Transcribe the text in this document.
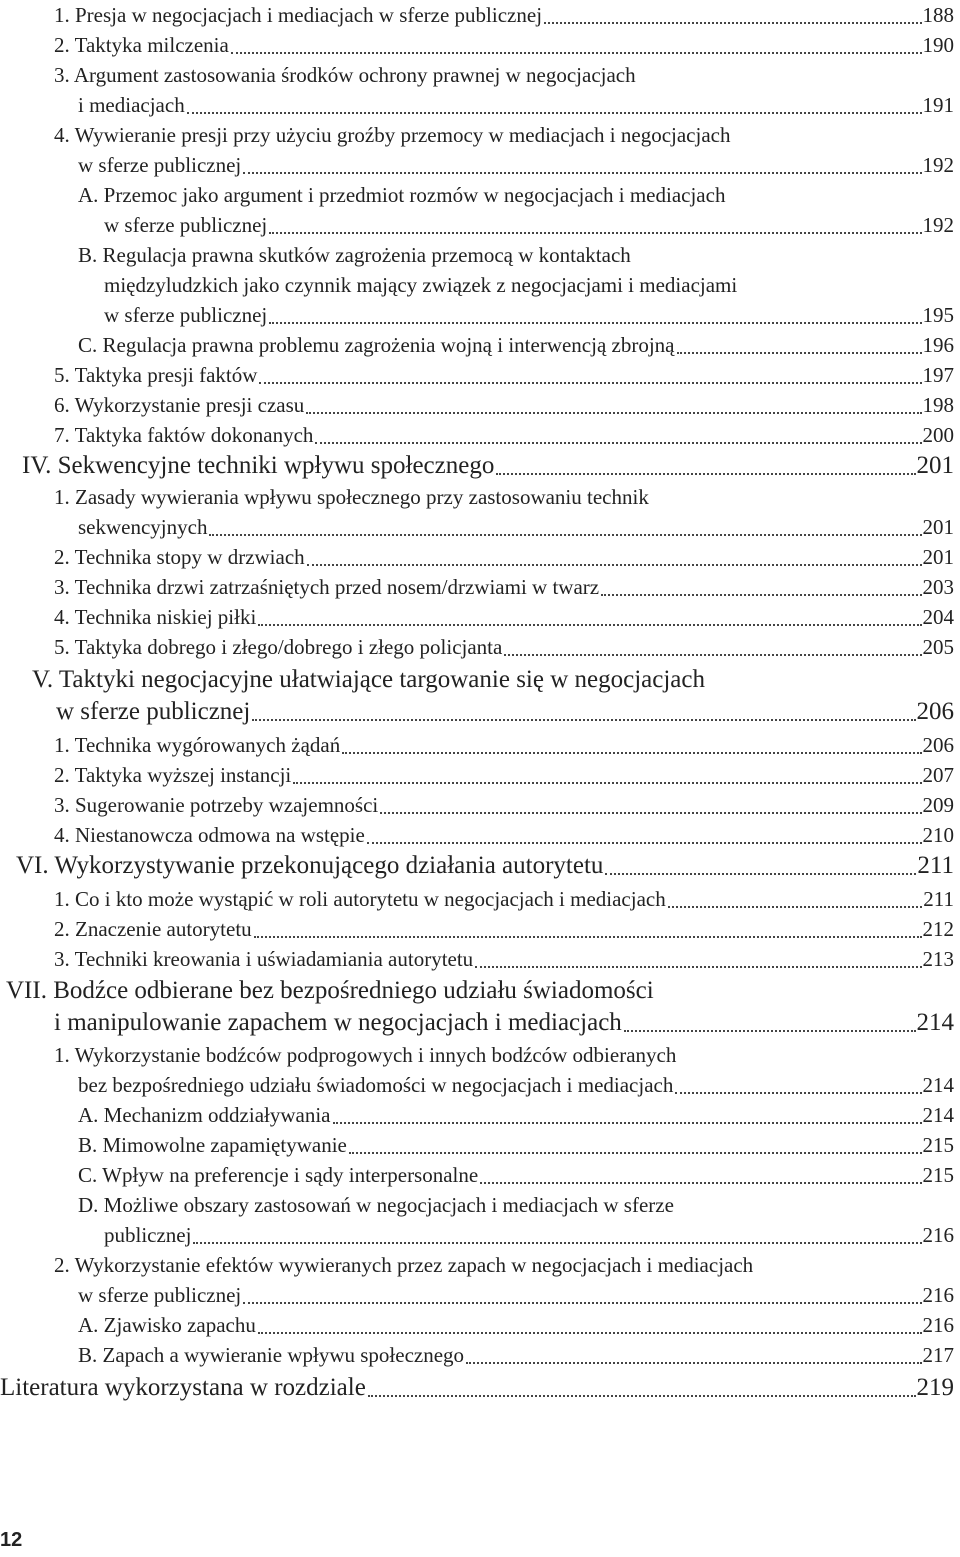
1. Presja w negocjacjach i mediacjach w sferze publicznej	188
2. Taktyka milczenia	190
3. Argument zastosowania środków ochrony prawnej w negocjacjach
i mediacjach	191
4. Wywieranie presji przy użyciu groźby przemocy w mediacjach i negocjacjach
w sferze publicznej	192
A. Przemoc jako argument i przedmiot rozmów w negocjacjach i mediacjach
w sferze publicznej	192
B. Regulacja prawna skutków zagrożenia przemocą w kontaktach
międzyludzkich jako czynnik mający związek z negocjacjami i mediacjami
w sferze publicznej	195
C. Regulacja prawna problemu zagrożenia wojną i interwencją zbrojną	196
5. Taktyka presji faktów	197
6. Wykorzystanie presji czasu	198
7. Taktyka faktów dokonanych	200
IV. Sekwencyjne techniki wpływu społecznego	201
1. Zasady wywierania wpływu społecznego przy zastosowaniu technik
sekwencyjnych	201
2. Technika stopy w drzwiach	201
3. Technika drzwi zatrzaśniętych przed nosem/drzwiami w twarz	203
4. Technika niskiej piłki	204
5. Taktyka dobrego i złego/dobrego i złego policjanta	205
V. Taktyki negocjacyjne ułatwiające targowanie się w negocjacjach
w sferze publicznej	206
1. Technika wygórowanych żądań	206
2. Taktyka wyższej instancji	207
3. Sugerowanie potrzeby wzajemności	209
4. Niestanowcza odmowa na wstępie	210
VI. Wykorzystywanie przekonującego działania autorytetu	211
1. Co i kto może wystąpić w roli autorytetu w negocjacjach i mediacjach	211
2. Znaczenie autorytetu	212
3. Techniki kreowania i uświadamiania autorytetu	213
VII. Bodźce odbierane bez bezpośredniego udziału świadomości
i manipulowanie zapachem w negocjacjach i mediacjach	214
1. Wykorzystanie bodźców podprogowych i innych bodźców odbieranych
bez bezpośredniego udziału świadomości w negocjacjach i mediacjach	214
A. Mechanizm oddziaływania	214
B. Mimowolne zapamiętywanie	215
C. Wpływ na preferencje i sądy interpersonalne	215
D. Możliwe obszary zastosowań w negocjacjach i mediacjach w sferze
publicznej	216
2. Wykorzystanie efektów wywieranych przez zapach w negocjacjach i mediacjach
w sferze publicznej	216
A. Zjawisko zapachu	216
B. Zapach a wywieranie wpływu społecznego	217
Literatura wykorzystana w rozdziale	219
12
